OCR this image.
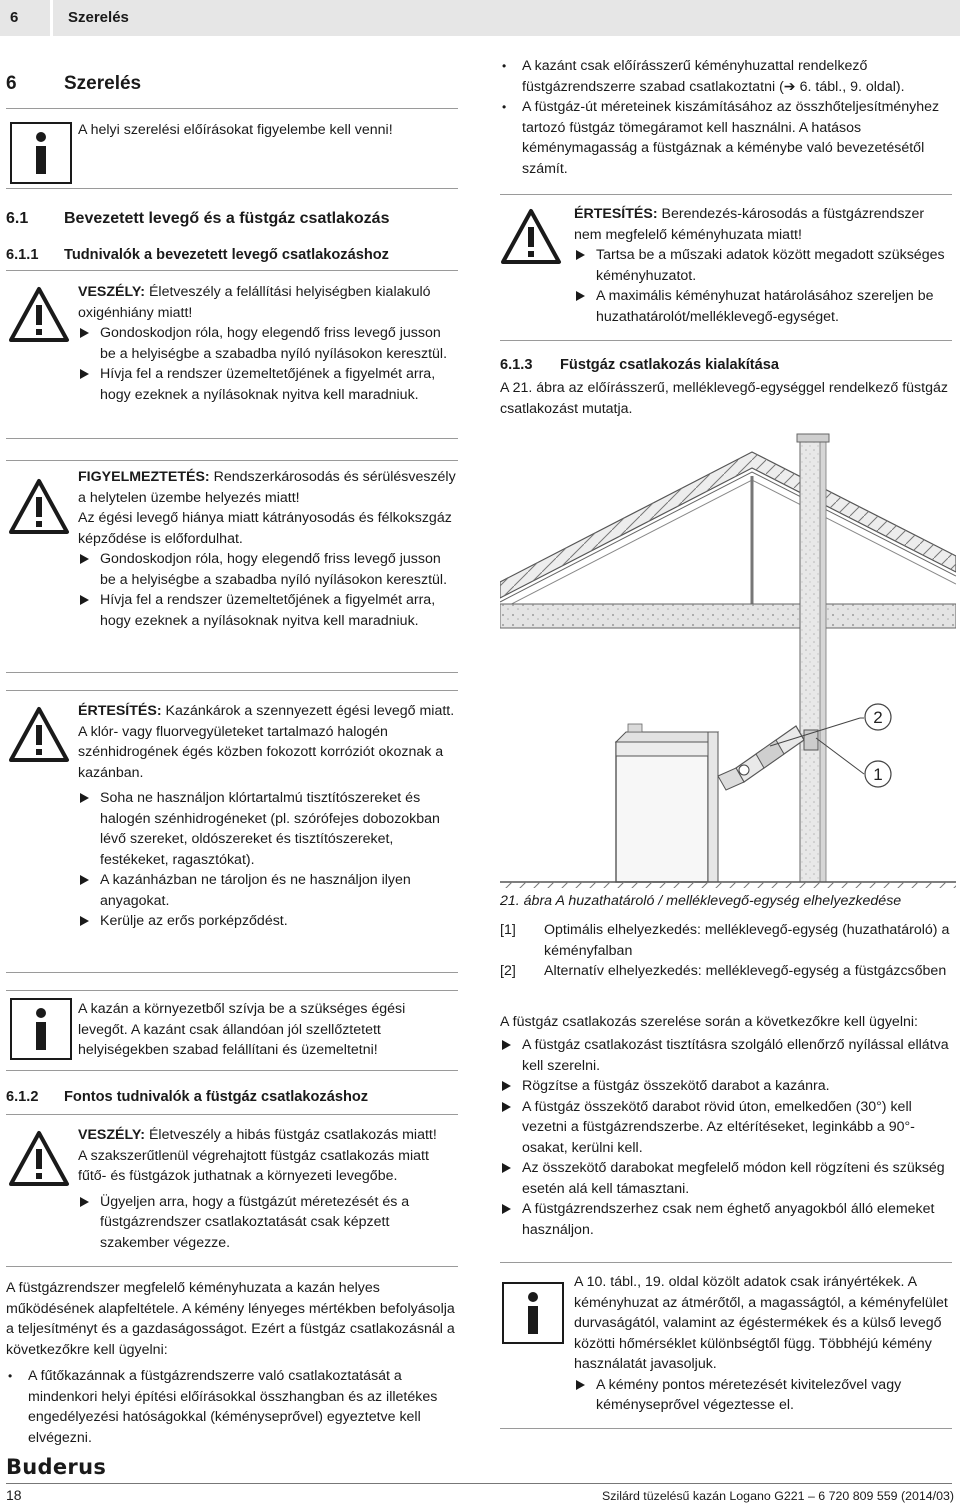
6	Szerelés
6 Szerelés

A helyi szerelési előírásokat figyelembe kell venni!

6.1 Bevezetett levegő és a füstgáz csatlakozás
6.1.1 Tudnivalók a bevezetett levegő csatlakozáshoz

VESZÉLY: Életveszély a felállítási helyiségben kialakuló oxigénhiány miatt!

Gondoskodjon róla, hogy elegendő friss levegő jusson be a helyiségbe a szabadba nyíló nyílásokon keresztül.

Hívja fel a rendszer üzemeltetőjének a figyelmét arra, hogy ezeknek a nyílásoknak nyitva kell maradniuk.

FIGYELMEZTETÉS: Rendszerkárosodás és sérülésveszély a helytelen üzembe helyezés miatt!

Az égési levegő hiánya miatt kátrányosodás és félkokszgáz képződése is előfordulhat.

Gondoskodjon róla, hogy elegendő friss levegő jusson be a helyiségbe a szabadba nyíló nyílásokon keresztül.

Hívja fel a rendszer üzemeltetőjének a figyelmét arra, hogy ezeknek a nyílásoknak nyitva kell maradniuk.

ÉRTESÍTÉS: Kazánkárok a szennyezett égési levegő miatt.

A klór- vagy fluorvegyületeket tartalmazó halogén szénhidrogének égés közben fokozott korróziót okoznak a kazánban.

Soha ne használjon klórtartalmú tisztítószereket és halogén szénhidrogéneket (pl. szórófejes dobozokban lévő szereket, oldószereket és tisztítószereket, festékeket, ragasztókat).

A kazánházban ne tároljon és ne használjon ilyen anyagokat.

Kerülje az erős porképződést.

A kazán a környezetből szívja be a szükséges égési levegőt. A kazánt csak állandóan jól szellőztetett helyiségekben szabad felállítani és üzemeltetni!

6.1.2 Fontos tudnivalók a füstgáz csatlakozáshoz

VESZÉLY: Életveszély a hibás füstgáz csatlakozás miatt!

A szakszerűtlenül végrehajtott füstgáz csatlakozás miatt fűtő- és füstgázok juthatnak a környezeti levegőbe.

Ügyeljen arra, hogy a füstgázút méretezését és a füstgázrendszer csatlakoztatását csak képzett szakember végezze.

A füstgázrendszer megfelelő kéményhuzata a kazán helyes működésének alapfeltétele. A kémény lényeges mértékben befolyásolja a teljesítményt és a gazdaságosságot. Ezért a füstgáz csatlakozásnál a következőkre kell ügyelni:

• A fűtőkazánnak a füstgázrendszerre való csatlakoztatását a mindenkori helyi építési előírásokkal összhangban és az illetékes engedélyezési hatóságokkal (kéményseprővel) egyeztetve kell elvégezni.
• A kazánt csak előírásszerű kéményhuzattal rendelkező füstgázrendszerre szabad csatlakoztatni (➔ 6. tábl., 9. oldal).
• A füstgáz-út méreteinek kiszámításához az összhőteljesítményhez tartozó füstgáz tömegáramot kell használni. A hatásos kéménymagasság a füstgáznak a kéménybe való bevezetésétől számít.

ÉRTESÍTÉS: Berendezés-károsodás a füstgázrendszer nem megfelelő kéményhuzata miatt!

Tartsa be a műszaki adatok között megadott szükséges kéményhuzatot.

A maximális kéményhuzat határolásához szereljen be huzathatárolót/melléklevegő-egységet.

6.1.3 Füstgáz csatlakozás kialakítása

A 21. ábra az előírásszerű, melléklevegő-egységgel rendelkező füstgáz csatlakozást mutatja.

2
1

21. ábra A huzathatároló / melléklevegő-egység elhelyezkedése

[1]	Optimális elhelyezkedés: melléklevegő-egység (huzathatároló) a kéményfalban
[2]	Alternatív elhelyezkedés: melléklevegő-egység a füstgázcsőben

A füstgáz csatlakozás szerelése során a következőkre kell ügyelni:

A füstgáz csatlakozást tisztításra szolgáló ellenőrző nyílással ellátva kell szerelni.

Rögzítse a füstgáz összekötő darabot a kazánra.

A füstgáz összekötő darabot rövid úton, emelkedően (30°) kell vezetni a füstgázrendszerbe. Az eltérítéseket, leginkább a 90°-osakat, kerülni kell.

Az összekötő darabokat megfelelő módon kell rögzíteni és szükség esetén alá kell támasztani.

A füstgázrendszerhez csak nem éghető anyagokból álló elemeket használjon.

A 10. tábl., 19. oldal közölt adatok csak irányértékek. A kéményhuzat az átmérőtől, a magasságtól, a kéményfelület durvaságától, valamint az égéstermékek és a külső levegő közötti hőmérséklet különbségtől függ. Többhéjú kémény használatát javasoljuk.

A kémény pontos méretezését kivitelezővel vagy kéményseprővel végeztesse el.

Buderus
18	Szilárd tüzelésű kazán Logano G221 – 6 720 809 559 (2014/03)
